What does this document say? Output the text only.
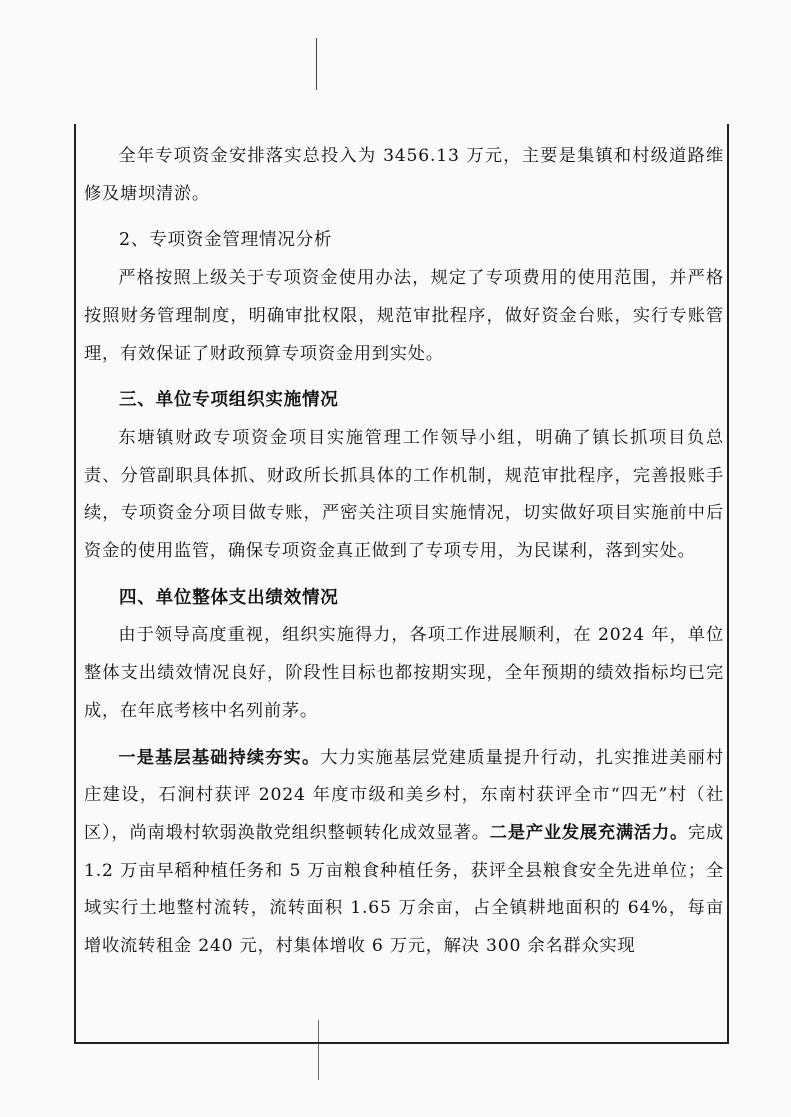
全年专项资金安排落实总投入为 3456.13 万元，主要是集镇和村级道路维修及塘坝清淤。

2、专项资金管理情况分析

严格按照上级关于专项资金使用办法，规定了专项费用的使用范围，并严格按照财务管理制度，明确审批权限，规范审批程序，做好资金台账，实行专账管理，有效保证了财政预算专项资金用到实处。

三、单位专项组织实施情况

东塘镇财政专项资金项目实施管理工作领导小组，明确了镇长抓项目负总责、分管副职具体抓、财政所长抓具体的工作机制，规范审批程序，完善报账手续，专项资金分项目做专账，严密关注项目实施情况，切实做好项目实施前中后资金的使用监管，确保专项资金真正做到了专项专用，为民谋利，落到实处。

四、单位整体支出绩效情况

由于领导高度重视，组织实施得力，各项工作进展顺利，在 2024 年，单位整体支出绩效情况良好，阶段性目标也都按期实现，全年预期的绩效指标均已完成，在年底考核中名列前茅。

一是基层基础持续夯实。大力实施基层党建质量提升行动，扎实推进美丽村庄建设，石涧村获评 2024 年度市级和美乡村，东南村获评全市“四无”村（社区），尚南塅村软弱涣散党组织整顿转化成效显著。二是产业发展充满活力。完成 1.2 万亩早稻种植任务和 5 万亩粮食种植任务，获评全县粮食安全先进单位；全域实行土地整村流转，流转面积 1.65 万余亩，占全镇耕地面积的 64%，每亩增收流转租金 240 元，村集体增收 6 万元，解决 300 余名群众实现
